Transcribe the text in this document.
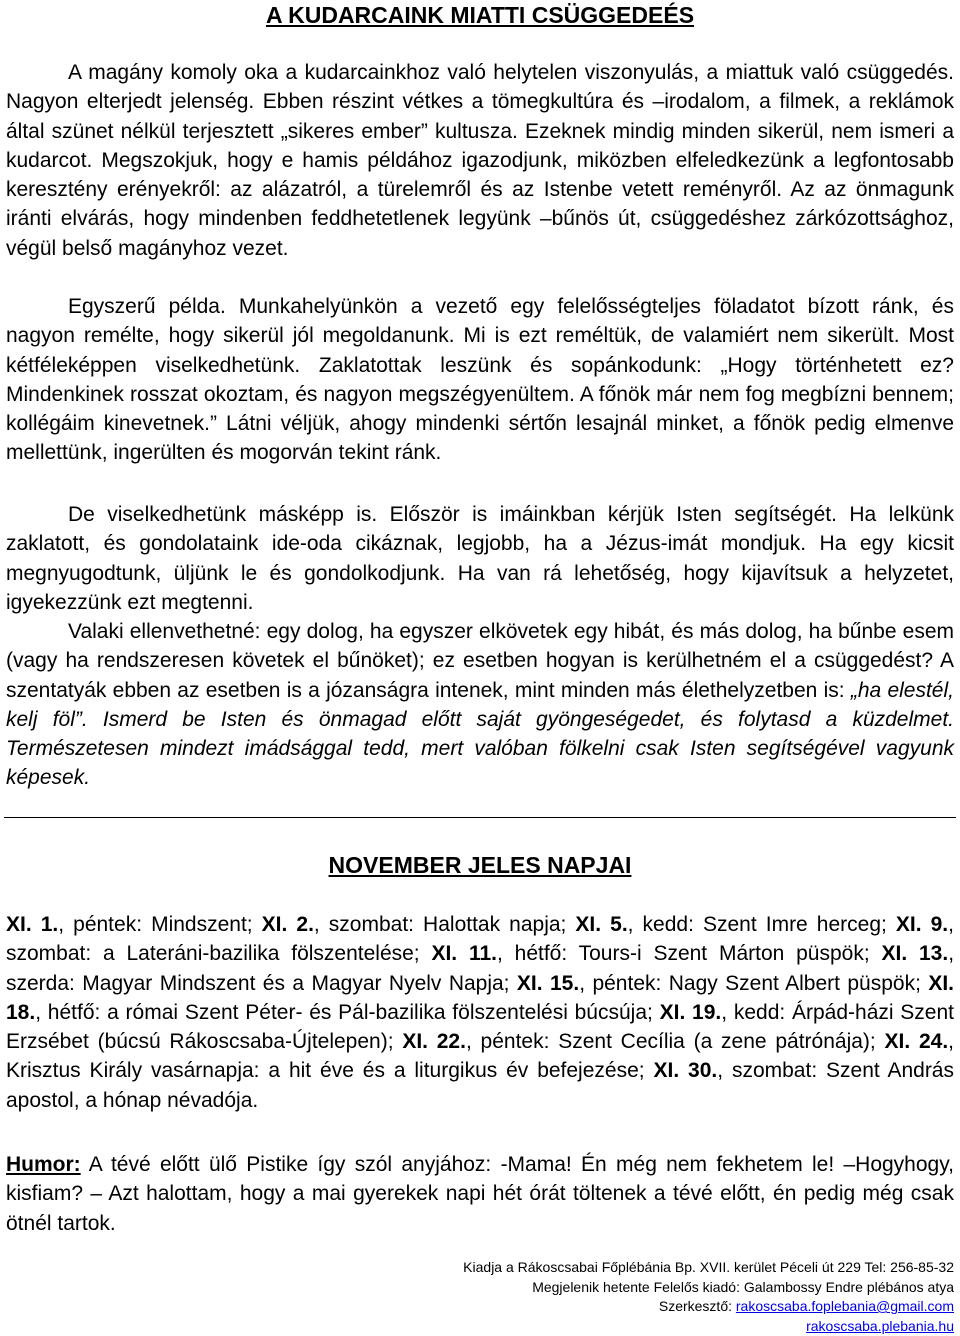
A KUDARCAINK MIATTI CSÜGGEDEÉS

A magány komoly oka a kudarcainkhoz való helytelen viszonyulás, a miattuk való csüggedés. Nagyon elterjedt jelenség. Ebben részint vétkes a tömegkultúra és –irodalom, a filmek, a reklámok által szünet nélkül terjesztett „sikeres ember” kultusza. Ezeknek mindig minden sikerül, nem ismeri a kudarcot. Megszokjuk, hogy e hamis példához igazodjunk, miközben elfeledkezünk a legfontosabb keresztény erényekről: az alázatról, a türelemről és az Istenbe vetett reményről. Az az önmagunk iránti elvárás, hogy mindenben feddhetetlenek legyünk –bűnös út, csüggedéshez zárkózottsághoz, végül belső magányhoz vezet.

Egyszerű példa. Munkahelyünkön a vezető egy felelősségteljes föladatot bízott ránk, és nagyon remélte, hogy sikerül jól megoldanunk. Mi is ezt reméltük, de valamiért nem sikerült. Most kétféleképpen viselkedhetünk. Zaklatottak leszünk és sopánkodunk: „Hogy történhetett ez? Mindenkinek rosszat okoztam, és nagyon megszégyenültem. A főnök már nem fog megbízni bennem; kollégáim kinevetnek.” Látni véljük, ahogy mindenki sértőn lesajnál minket, a főnök pedig elmenve mellettünk, ingerülten és mogorván tekint ránk.

De viselkedhetünk másképp is. Először is imáinkban kérjük Isten segítségét. Ha lelkünk zaklatott, és gondolataink ide-oda cikáznak, legjobb, ha a Jézus-imát mondjuk. Ha egy kicsit megnyugodtunk, üljünk le és gondolkodjunk. Ha van rá lehetőség, hogy kijavítsuk a helyzetet, igyekezzünk ezt megtenni.

Valaki ellenvethetné: egy dolog, ha egyszer elkövetek egy hibát, és más dolog, ha bűnbe esem (vagy ha rendszeresen követek el bűnöket); ez esetben hogyan is kerülhetném el a csüggedést? A szentatyák ebben az esetben is a józanságra intenek, mint minden más élethelyzetben is: „ha elestél, kelj föl”. Ismerd be Isten és önmagad előtt saját gyöngeségedet, és folytasd a küzdelmet. Természetesen mindezt imádsággal tedd, mert valóban fölkelni csak Isten segítségével vagyunk képesek.

NOVEMBER JELES NAPJAI

XI. 1., péntek: Mindszent; XI. 2., szombat: Halottak napja; XI. 5., kedd: Szent Imre herceg; XI. 9., szombat: a Lateráni-bazilika fölszentelése; XI. 11., hétfő: Tours-i Szent Márton püspök; XI. 13., szerda: Magyar Mindszent és a Magyar Nyelv Napja; XI. 15., péntek: Nagy Szent Albert püspök; XI. 18., hétfő: a római Szent Péter- és Pál-bazilika fölszentelési búcsúja; XI. 19., kedd: Árpád-házi Szent Erzsébet (búcsú Rákoscsaba-Újtelepen); XI. 22., péntek: Szent Cecília (a zene pátrónája); XI. 24., Krisztus Király vasárnapja: a hit éve és a liturgikus év befejezése; XI. 30., szombat: Szent András apostol, a hónap névadója.

Humor: A tévé előtt ülő Pistike így szól anyjához: -Mama! Én még nem fekhetem le! –Hogyhogy, kisfiam? – Azt halottam, hogy a mai gyerekek napi hét órát töltenek a tévé előtt, én pedig még csak ötnél tartok.

Kiadja a Rákoscsabai Főplébánia Bp. XVII. kerület Péceli út 229 Tel: 256-85-32
Megjelenik hetente Felelős kiadó: Galambossy Endre plébános atya
Szerkesztő: rakoscsaba.foplebania@gmail.com
rakoscsaba.plebania.hu
